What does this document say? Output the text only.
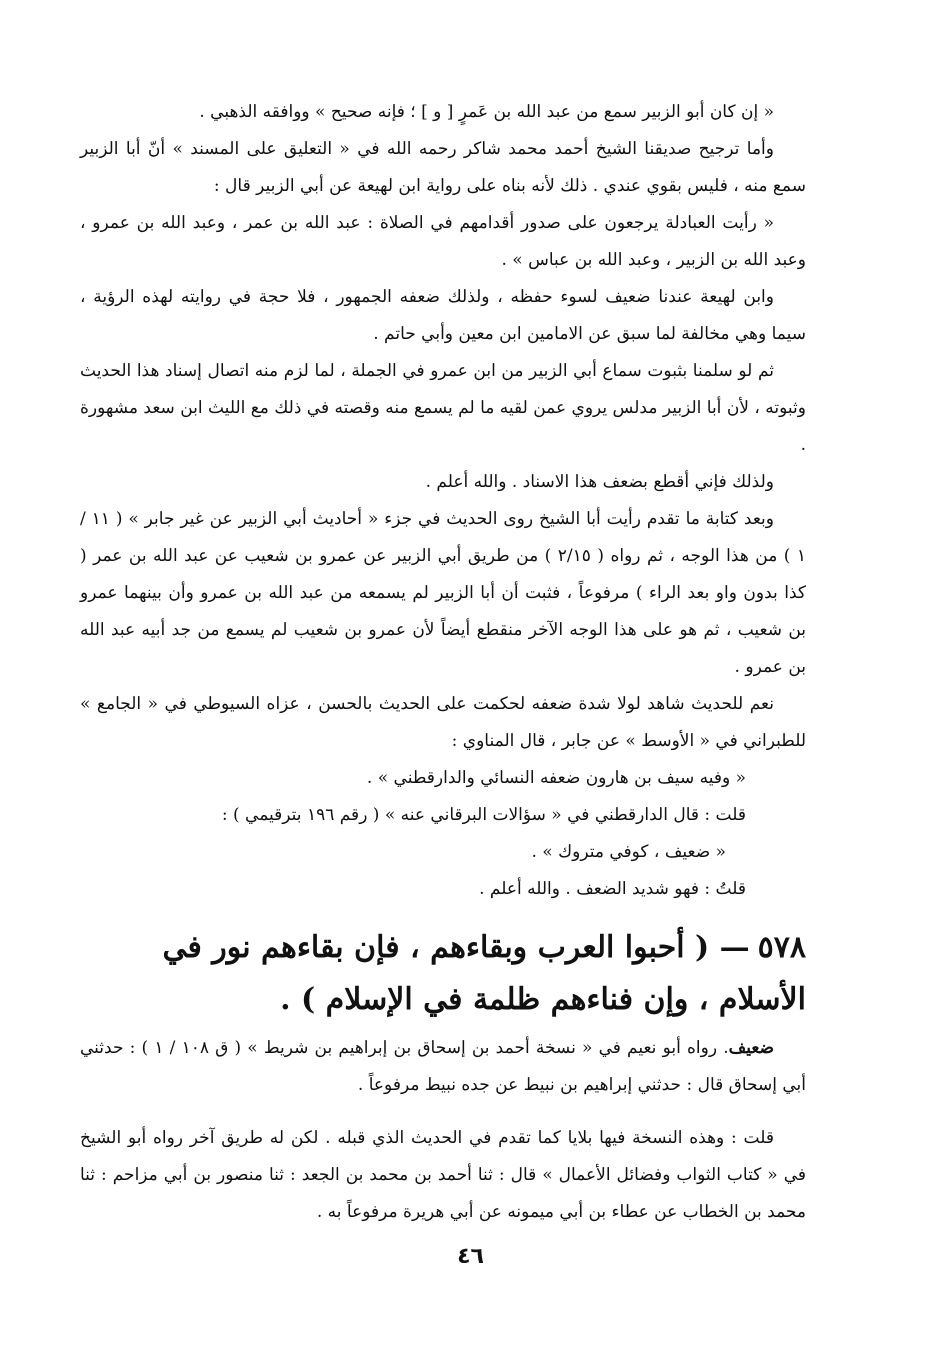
« إن كان أبو الزبير سمع من عبد الله بن عَمرٍ [ و ] ؛ فإنه صحيح » ووافقه الذهبي .

وأما ترجيح صديقنا الشيخ أحمد محمد شاكر رحمه الله في « التعليق على المسند » أنّ أبا الزبير سمع منه ، فليس بقوي عندي . ذلك لأنه بناه على رواية ابن لهيعة عن أبي الزبير قال :

« رأيت العبادلة يرجعون على صدور أقدامهم في الصلاة : عبد الله بن عمر ، وعبد الله بن عمرو ، وعبد الله بن الزبير ، وعبد الله بن عباس » .

وابن لهيعة عندنا ضعيف لسوء حفظه ، ولذلك ضعفه الجمهور ، فلا حجة في روايته لهذه الرؤية ، سيما وهي مخالفة لما سبق عن الامامين ابن معين وأبي حاتم .

ثم لو سلمنا بثبوت سماع أبي الزبير من ابن عمرو في الجملة ، لما لزم منه اتصال إسناد هذا الحديث وثبوته ، لأن أبا الزبير مدلس يروي عمن لقيه ما لم يسمع منه وقصته في ذلك مع الليث ابن سعد مشهورة .

ولذلك فإني أقطع بضعف هذا الاسناد . والله أعلم .

وبعد كتابة ما تقدم رأيت أبا الشيخ روى الحديث في جزء « أحاديث أبي الزبير عن غير جابر » ( ١١ / ١ ) من هذا الوجه ، ثم رواه ( ٢/١٥ ) من طريق أبي الزبير عن عمرو بن شعيب عن عبد الله بن عمر ( كذا بدون واو بعد الراء ) مرفوعاً ، فثبت أن أبا الزبير لم يسمعه من عبد الله بن عمرو وأن بينهما عمرو بن شعيب ، ثم هو على هذا الوجه الآخر منقطع أيضاً لأن عمرو بن شعيب لم يسمع من جد أبيه عبد الله بن عمرو .

نعم للحديث شاهد لولا شدة ضعفه لحكمت على الحديث بالحسن ، عزاه السيوطي في « الجامع » للطبراني في « الأوسط » عن جابر ، قال المناوي :

« وفيه سيف بن هارون ضعفه النسائي والدارقطني » .

قلت : قال الدارقطني في « سؤالات البرقاني عنه » ( رقم ١٩٦ بترقيمي ) :

« ضعيف ، كوفي متروك » .

قلتُ : فهو شديد الضعف . والله أعلم .

٥٧٨— ( أحبوا العرب وبقاءهم ، فإن بقاءهم نور في الأسلام ، وإن فناءهم ظلمة في الإسلام ) .

ضعيف. رواه أبو نعيم في « نسخة أحمد بن إسحاق بن إبراهيم بن شريط » ( ق ١٠٨ / ١ ) : حدثني أبي إسحاق قال : حدثني إبراهيم بن نبيط عن جده نبيط مرفوعاً .

قلت : وهذه النسخة فيها بلايا كما تقدم في الحديث الذي قبله . لكن له طريق آخر رواه أبو الشيخ في « كتاب الثواب وفضائل الأعمال » قال : ثنا أحمد بن محمد بن الجعد : ثنا منصور بن أبي مزاحم : ثنا محمد بن الخطاب عن عطاء بن أبي ميمونه عن أبي هريرة مرفوعاً به .

٤٦
